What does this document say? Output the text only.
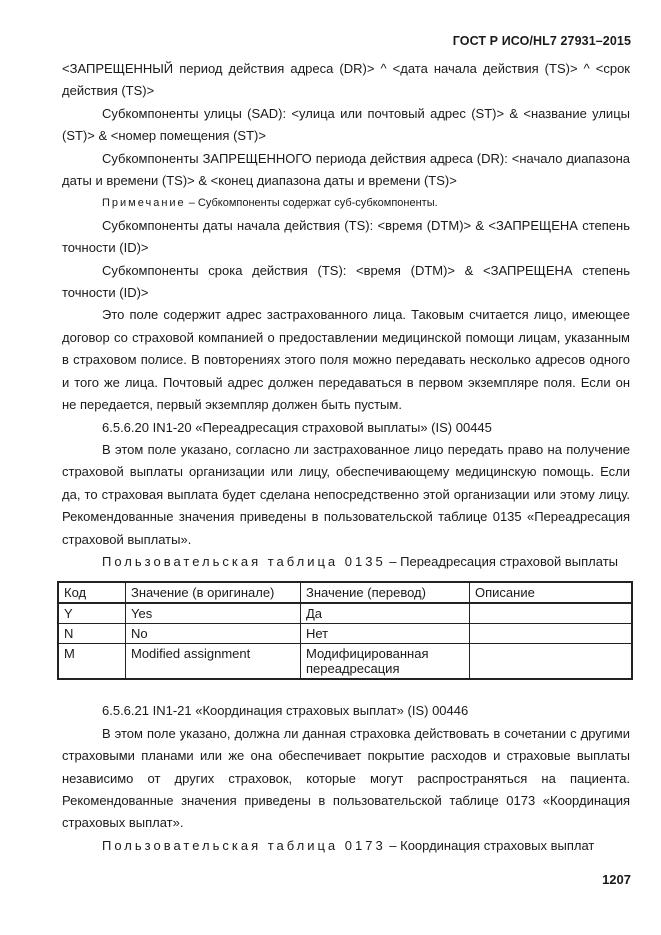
ГОСТ Р ИСО/HL7 27931–2015

<ЗАПРЕЩЕННЫЙ период действия адреса (DR)> ^ <дата начала действия (TS)> ^ <срок действия (TS)>

Субкомпоненты улицы (SAD): <улица или почтовый адрес (ST)> & <название улицы (ST)> & <номер помещения (ST)>

Субкомпоненты ЗАПРЕЩЕННОГО периода действия адреса (DR): <начало диапазона даты и времени (TS)> & <конец диапазона даты и времени (TS)>

Примечание – Субкомпоненты содержат суб-субкомпоненты.

Субкомпоненты даты начала действия (TS): <время (DTM)> & <ЗАПРЕЩЕНА степень точности (ID)>

Субкомпоненты срока действия (TS): <время (DTM)> & <ЗАПРЕЩЕНА степень точности (ID)>

Это поле содержит адрес застрахованного лица. Таковым считается лицо, имеющее договор со страховой компанией о предоставлении медицинской помощи лицам, указанным в страховом полисе. В повторениях этого поля можно передавать несколько адресов одного и того же лица. Почтовый адрес должен передаваться в первом экземпляре поля. Если он не передается, первый экземпляр должен быть пустым.

6.5.6.20 IN1-20 «Переадресация страховой выплаты» (IS) 00445

В этом поле указано, согласно ли застрахованное лицо передать право на получение страховой выплаты организации или лицу, обеспечивающему медицинскую помощь. Если да, то страховая выплата будет сделана непосредственно этой организации или этому лицу. Рекомендованные значения приведены в пользовательской таблице 0135 «Переадресация страховой выплаты».

Пользовательская таблица 0135 – Переадресация страховой выплаты

Код	Значение (в оригинале)	Значение (перевод)	Описание
Y	Yes	Да	
N	No	Нет	
M	Modified assignment	Модифицированная переадресация	

6.5.6.21 IN1-21 «Координация страховых выплат» (IS) 00446

В этом поле указано, должна ли данная страховка действовать в сочетании с другими страховыми планами или же она обеспечивает покрытие расходов и страховые выплаты независимо от других страховок, которые могут распространяться на пациента. Рекомендованные значения приведены в пользовательской таблице 0173 «Координация страховых выплат».

Пользовательская таблица 0173 – Координация страховых выплат

1207
